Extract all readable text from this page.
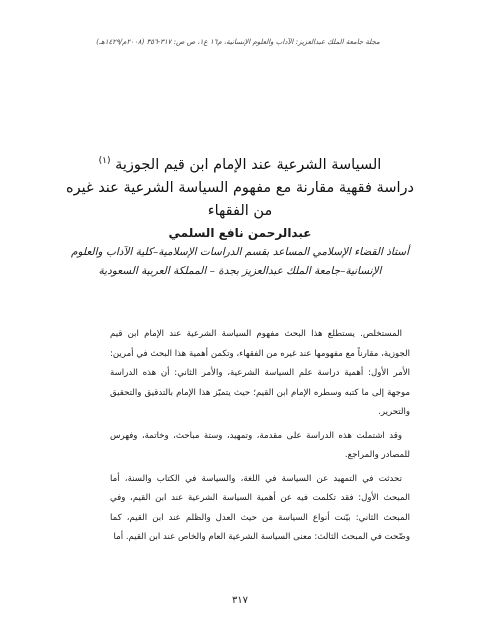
مجلة جامعة الملك عبدالعزيز: الآداب والعلوم الإنسانية، م١٦ ع١، ص ص: ٣١٧-٣٥٦ (٢٠٠٨م/١٤٢٩هـ)
السياسة الشرعية عند الإمام ابن قيم الجوزية $^{(١)}$
دراسة فقهية مقارنة مع مفهوم السياسة الشرعية عند غيره
من الفقهاء
عبدالرحمن نافع السلمي
أستاذ القضاء الإسلامي المساعد بقسم الدراسات الإسلامية–كلية الآداب والعلوم
الإنسانية–جامعة الملك عبدالعزيز بجدة – المملكة العربية السعودية

المستخلص. يستطلع هذا البحث مفهوم السياسة الشرعية عند الإمام ابن قيم الجوزية، مقارناً مع مفهومها عند غيره من الفقهاء، وتكمن أهمية هذا البحث في أمرين: الأمر الأول: أهمية دراسة علم السياسة الشرعية، والأمر الثاني: أن هذه الدراسة موجهة إلى ما كتبه وسطره الإمام ابن القيم؛ حيث يتميّز هذا الإمام بالتدقيق والتحقيق والتحرير.

وقد اشتملت هذه الدراسة على مقدمة، وتمهيد، وستة مباحث، وخاتمة، وفهرس للمصادر والمراجع.

تحدثت في التمهيد عن السياسة في اللغة، والسياسة في الكتاب والسنة، أما المبحث الأول: فقد تكلمت فيه عن أهمية السياسة الشرعية عند ابن القيم، وفي المبحث الثاني: بيّنت أنواع السياسة من حيث العدل والظلم عند ابن القيم، كما وضّحت في المبحث الثالث: معنى السياسة الشرعية العام والخاص عند ابن القيم. أما

٣١٧
